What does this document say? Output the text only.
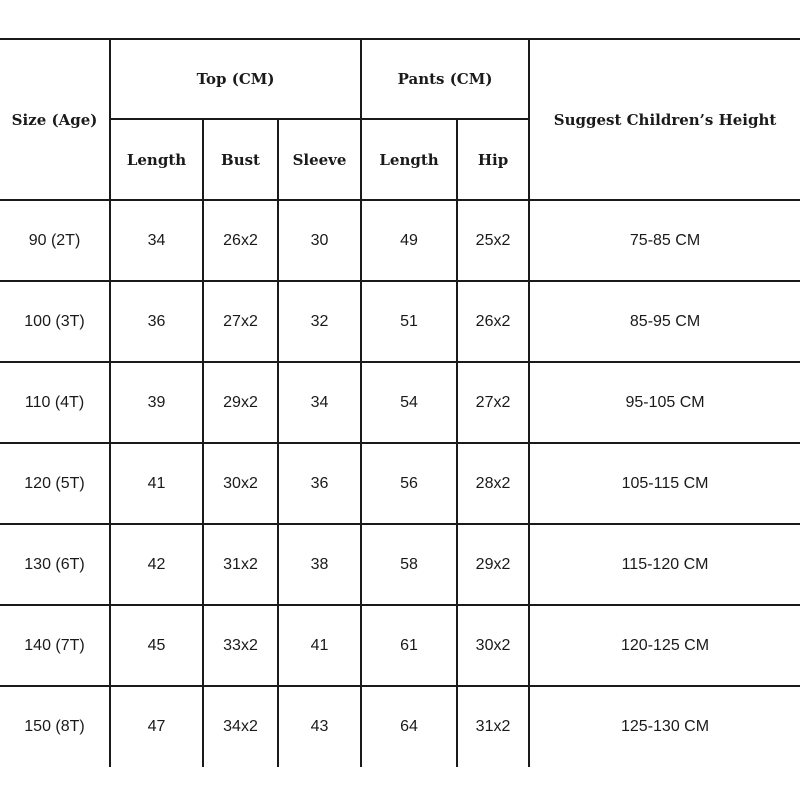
Size (Age)	Top (CM)			Pants (CM)		Suggest Children’s Height
	Length	Bust	Sleeve	Length	Hip	
90 (2T)	34	26x2	30	49	25x2	75-85 CM
100 (3T)	36	27x2	32	51	26x2	85-95 CM
110 (4T)	39	29x2	34	54	27x2	95-105 CM
120 (5T)	41	30x2	36	56	28x2	105-115 CM
130 (6T)	42	31x2	38	58	29x2	115-120 CM
140 (7T)	45	33x2	41	61	30x2	120-125 CM
150 (8T)	47	34x2	43	64	31x2	125-130 CM
